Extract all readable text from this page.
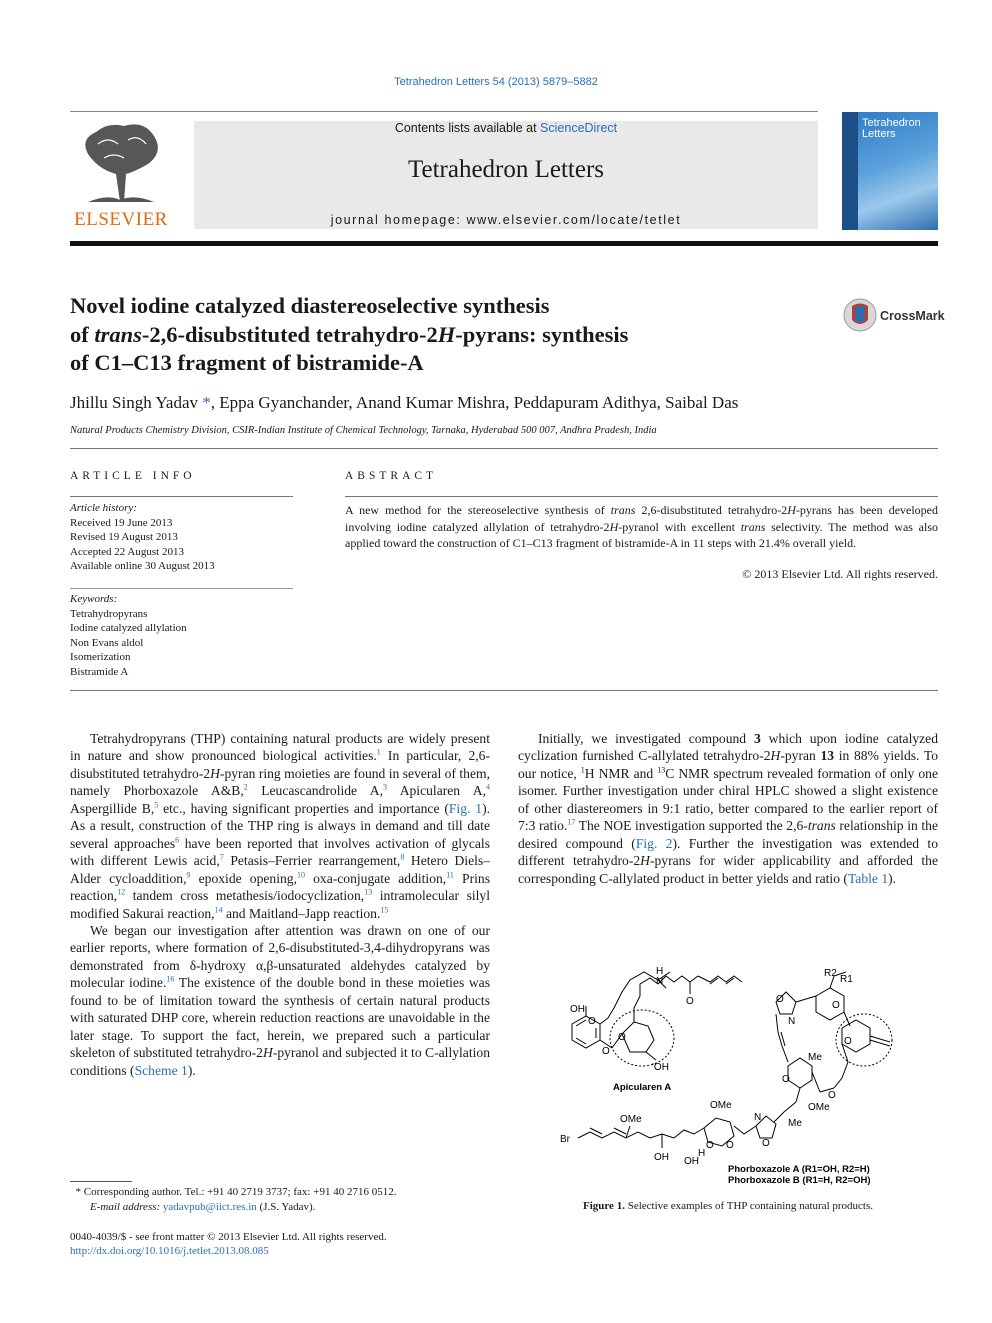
Tetrahedron Letters 54 (2013) 5879–5882
ELSEVIER
Contents lists available at ScienceDirect
Tetrahedron Letters
journal homepage: www.elsevier.com/locate/tetlet
Tetrahedron
Letters
Novel iodine catalyzed diastereoselective synthesis
of trans-2,6-disubstituted tetrahydro-2H-pyrans: synthesis
of C1–C13 fragment of bistramide-A
CrossMark
Jhillu Singh Yadav *, Eppa Gyanchander, Anand Kumar Mishra, Peddapuram Adithya, Saibal Das
Natural Products Chemistry Division, CSIR-Indian Institute of Chemical Technology, Tarnaka, Hyderabad 500 007, Andhra Pradesh, India
ARTICLE INFO	ABSTRACT
Article history:
Received 19 June 2013
Revised 19 August 2013
Accepted 22 August 2013
Available online 30 August 2013
Keywords:
Tetrahydropyrans
Iodine catalyzed allylation
Non Evans aldol
Isomerization
Bistramide A
A new method for the stereoselective synthesis of trans 2,6-disubstituted tetrahydro-2H-pyrans has been developed involving iodine catalyzed allylation of tetrahydro-2H-pyranol with excellent trans selectivity. The method was also applied toward the construction of C1–C13 fragment of bistramide-A in 11 steps with 21.4% overall yield.
© 2013 Elsevier Ltd. All rights reserved.

Tetrahydropyrans (THP) containing natural products are widely present in nature and show pronounced biological activities.$^1$ In particular, 2,6-disubstituted tetrahydro-2H-pyran ring moieties are found in several of them, namely Phorboxazole A&B,$^2$ Leucascandrolide A,$^3$ Apicularen A,$^4$ Aspergillide B,$^5$ etc., having significant properties and importance (Fig. 1). As a result, construction of the THP ring is always in demand and till date several approaches$^6$ have been reported that involves activation of glycals with different Lewis acid,$^7$ Petasis–Ferrier rearrangement,$^8$ Hetero Diels–Alder cycloaddition,$^9$ epoxide opening,$^{10}$ oxa-conjugate addition,$^{11}$ Prins reaction,$^{12}$ tandem cross metathesis/iodocyclization,$^{13}$ intramolecular silyl modified Sakurai reaction,$^{14}$ and Maitland–Japp reaction.$^{15}$

We began our investigation after attention was drawn on one of our earlier reports, where formation of 2,6-disubstituted-3,4-dihydropyrans was demonstrated from δ-hydroxy α,β-unsaturated aldehydes catalyzed by molecular iodine.$^{16}$ The existence of the double bond in these moieties was found to be of limitation toward the synthesis of certain natural products with saturated DHP core, wherein reduction reactions are unavoidable in the later stage. To support the fact, herein, we prepared such a particular skeleton of substituted tetrahydro-2H-pyranol and subjected it to C-allylation conditions (Scheme 1).

Initially, we investigated compound 3 which upon iodine catalyzed cyclization furnished C-allylated tetrahydro-2H-pyran 13 in 88% yields. To our notice, $^1$H NMR and $^{13}$C NMR spectrum revealed formation of only one isomer. Further investigation under chiral HPLC showed a slight existence of other diastereomers in 9:1 ratio, better compared to the earlier report of 7:3 ratio.$^{17}$ The NOE investigation supported the 2,6-trans relationship in the desired compound (Fig. 2). Further the investigation was extended to different tetrahydro-2H-pyrans for wider applicability and afforded the corresponding C-allylated product in better yields and ratio (Table 1).

OH
O
O
O
'OH
H
N
O
Apicularen A
R2
R1
O
N
O
O
Me
O
O
OMe
Me
N
O
OMe
O O
H
OH
OH
OMe
Br
Phorboxazole A (R1=OH, R2=H)
Phorboxazole B (R1=H, R2=OH)
Figure 1. Selective examples of THP containing natural products.
* Corresponding author. Tel.: +91 40 2719 3737; fax: +91 40 2716 0512.
E-mail address: yadavpub@iict.res.in (J.S. Yadav).
0040-4039/$ - see front matter © 2013 Elsevier Ltd. All rights reserved.
http://dx.doi.org/10.1016/j.tetlet.2013.08.085
